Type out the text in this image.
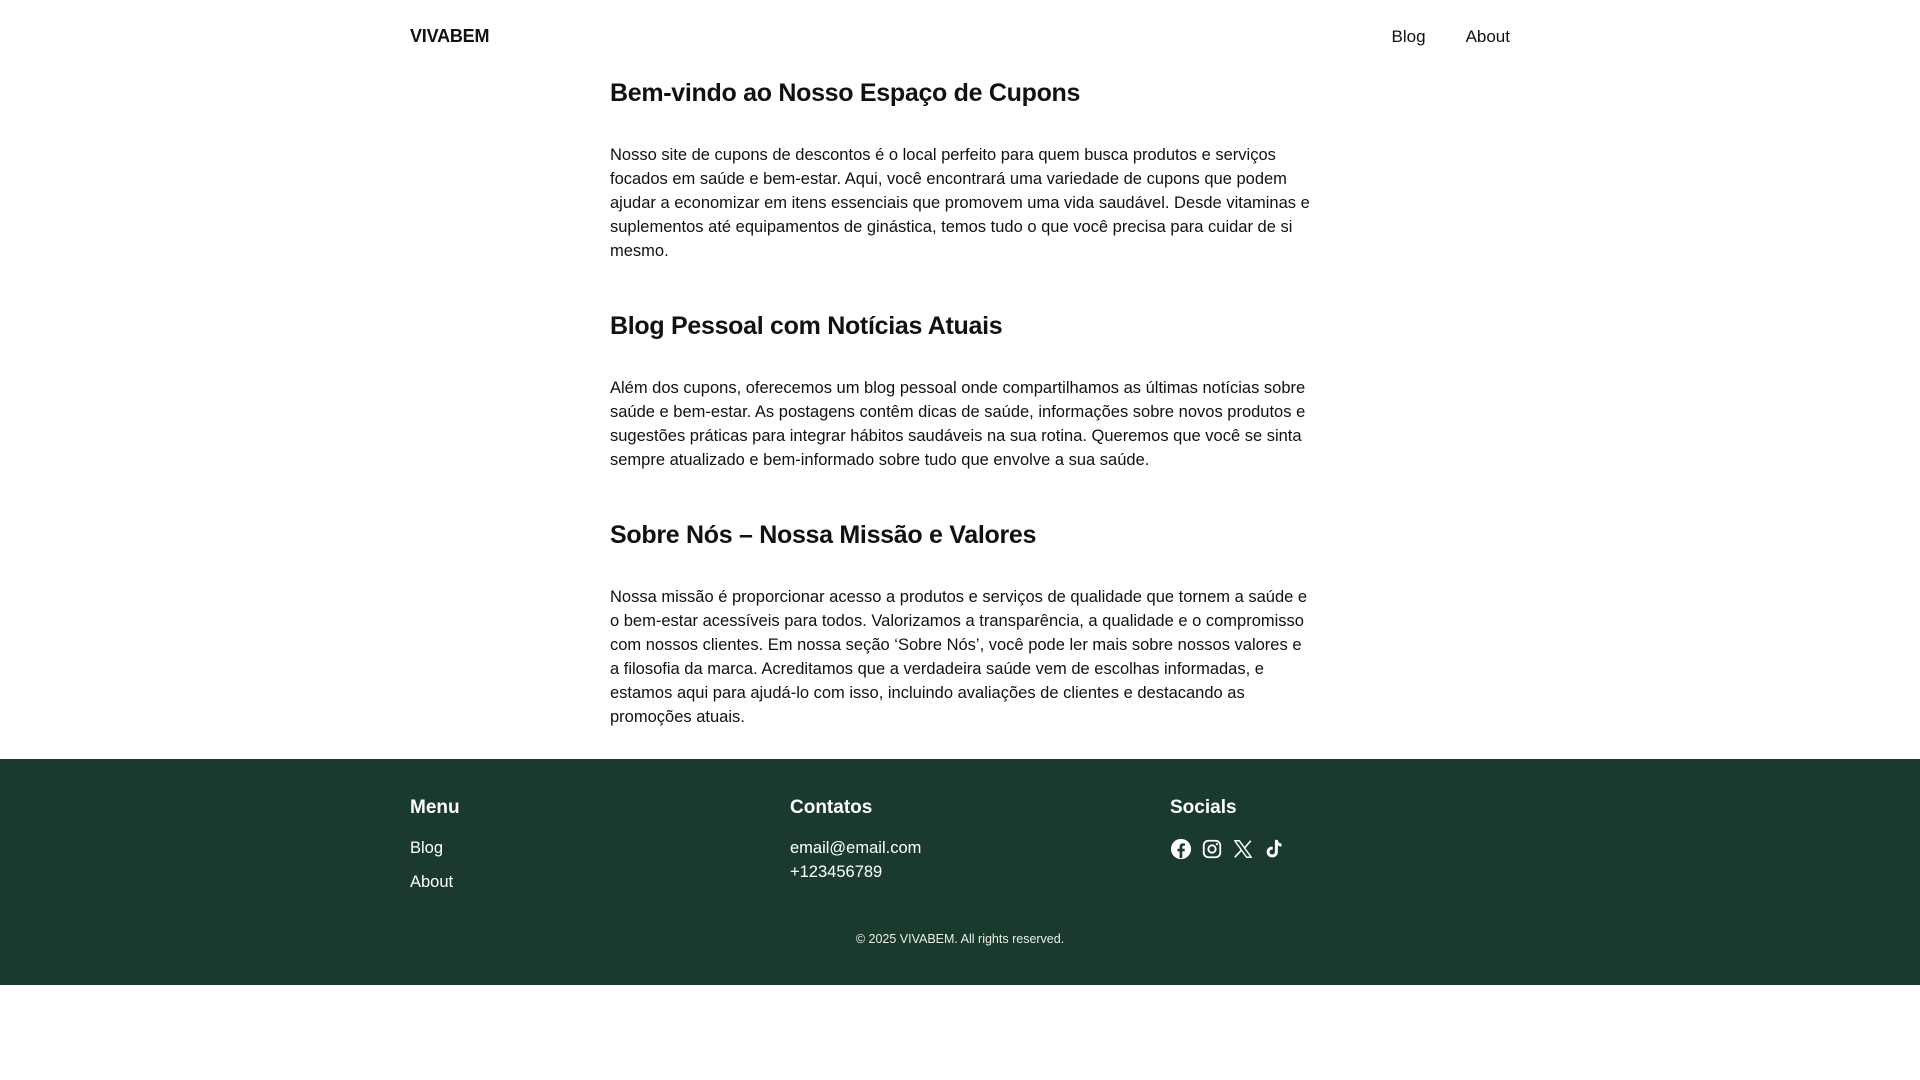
VIVABEM	Blog About
Bem-vindo ao Nosso Espaço de Cupons

Nosso site de cupons de descontos é o local perfeito para quem busca produtos e serviços focados em saúde e bem-estar. Aqui, você encontrará uma variedade de cupons que podem ajudar a economizar em itens essenciais que promovem uma vida saudável. Desde vitaminas e suplementos até equipamentos de ginástica, temos tudo o que você precisa para cuidar de si mesmo.

Blog Pessoal com Notícias Atuais

Além dos cupons, oferecemos um blog pessoal onde compartilhamos as últimas notícias sobre saúde e bem-estar. As postagens contêm dicas de saúde, informações sobre novos produtos e sugestões práticas para integrar hábitos saudáveis na sua rotina. Queremos que você se sinta sempre atualizado e bem-informado sobre tudo que envolve a sua saúde.

Sobre Nós – Nossa Missão e Valores

Nossa missão é proporcionar acesso a produtos e serviços de qualidade que tornem a saúde e o bem-estar acessíveis para todos. Valorizamos a transparência, a qualidade e o compromisso com nossos clientes. Em nossa seção ‘Sobre Nós’, você pode ler mais sobre nossos valores e a filosofia da marca. Acreditamos que a verdadeira saúde vem de escolhas informadas, e estamos aqui para ajudá-lo com isso, incluindo avaliações de clientes e destacando as promoções atuais.

Menu
Blog
About
Contatos
email@email.com
+123456789
Socials
© 2025 VIVABEM. All rights reserved.
